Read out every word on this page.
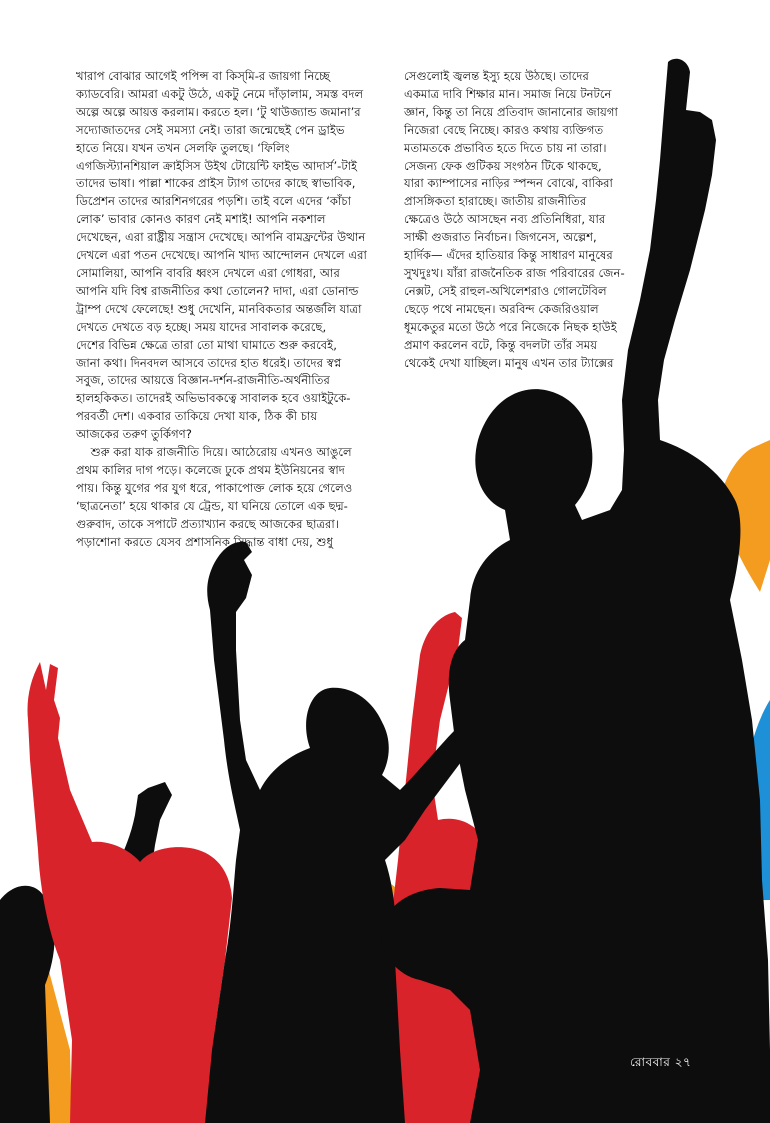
খারাপ বোঝার আগেই পপিন্স বা কিস্‌মি-র জায়গা নিচ্ছে
ক্যাডবেরি। আমরা একটু উঠে, একটু নেমে দাঁড়ালাম, সমস্ত বদল
অল্পে অল্পে আয়ত্ত করলাম। করতে হল। ‘টু থাউজ্যান্ড জমানা’র
সদ্যোজাতদের সেই সমস্যা নেই। তারা জন্মেছেই পেন ড্রাইভ
হাতে নিয়ে। যখন তখন সেলফি তুলছে। ‘ফিলিং
এগজিস্ট্যানশিয়াল ক্রাইসিস উইথ টোয়েন্টি ফাইভ আদার্স’-টাই
তাদের ভাষা। পাল্লা শাকের প্রাইস ট্যাগ তাদের কাছে স্বাভাবিক,
ডিপ্রেশন তাদের আরশিনগরের পড়শি। তাই বলে এদের ‘কাঁচা
লোক’ ভাবার কোনও কারণ নেই মশাই! আপনি নকশাল
দেখেছেন, এরা রাষ্ট্রীয় সন্ত্রাস দেখেছে। আপনি বামফ্রন্টের উত্থান
দেখলে এরা পতন দেখেছে। আপনি খাদ্য আন্দোলন দেখলে এরা
সোমালিয়া, আপনি বাবরি ধ্বংস দেখলে এরা গোধরা, আর
আপনি যদি বিশ্ব রাজনীতির কথা তোলেন? দাদা, এরা ডোনাল্ড
ট্রাম্প দেখে ফেলেছে! শুধু দেখেনি, মানবিকতার অন্তর্জলি যাত্রা
দেখতে দেখতে বড় হচ্ছে। সময় যাদের সাবালক করেছে,
দেশের বিভিন্ন ক্ষেত্রে তারা তো মাথা ঘামাতে শুরু করবেই,
জানা কথা। দিনবদল আসবে তাদের হাত ধরেই। তাদের স্বপ্ন
সবুজ, তাদের আয়ত্তে বিজ্ঞান-দর্শন-রাজনীতি-অর্থনীতির
হালহকিকত। তাদেরই অভিভাবকত্বে সাবালক হবে ওয়াইটুকে-
পরবর্তী দেশ। একবার তাকিয়ে দেখা যাক, ঠিক কী চায়
আজকের তরুণ তুর্কিগণ?
শুরু করা যাক রাজনীতি দিয়ে। আঠেরোয় এখনও আঙুলে
প্রথম কালির দাগ পড়ে। কলেজে ঢুকে প্রথম ইউনিয়নের স্বাদ
পায়। কিন্তু যুগের পর যুগ ধরে, পাকাপোক্ত লোক হয়ে গেলেও
‘ছাত্রনেতা’ হয়ে থাকার যে ট্রেন্ড, যা ঘনিয়ে তোলে এক ছদ্ম-
গুরুবাদ, তাকে সপাটে প্রত্যাখ্যান করছে আজকের ছাত্ররা।
পড়াশোনা করতে যেসব প্রশাসনিক সিদ্ধান্ত বাধা দেয়, শুধু
সেগুলোই জ্বলন্ত ইস্যু হয়ে উঠছে। তাদের
একমাত্র দাবি শিক্ষার মান। সমাজ নিয়ে টনটনে
জ্ঞান, কিন্তু তা নিয়ে প্রতিবাদ জানানোর জায়গা
নিজেরা বেছে নিচ্ছে। কারও কথায় ব্যক্তিগত
মতামতকে প্রভাবিত হতে দিতে চায় না তারা।
সেজন্য ফেক গুটিকয় সংগঠন টিকে থাকছে,
যারা ক্যাম্পাসের নাড়ির স্পন্দন বোঝে, বাকিরা
প্রাসঙ্গিকতা হারাচ্ছে। জাতীয় রাজনীতির
ক্ষেত্রেও উঠে আসছেন নব্য প্রতিনিধিরা, যার
সাক্ষী গুজরাত নির্বাচন। জিগনেস, অল্পেশ,
হার্দিক— এঁদের হাতিয়ার কিন্তু সাধারণ মানুষের
সুখদুঃখ। যাঁরা রাজনৈতিক রাজ পরিবারের জেন-
নেক্সট, সেই রাহুল-অখিলেশরাও গোলটেবিল
ছেড়ে পথে নামছেন। অরবিন্দ কেজরিওয়াল
ধূমকেতুর মতো উঠে পরে নিজেকে নিছক হাউই
প্রমাণ করলেন বটে, কিন্তু বদলটা তাঁর সময়
থেকেই দেখা যাচ্ছিল। মানুষ এখন তার ট্যাক্সের
রোববার ২৭
